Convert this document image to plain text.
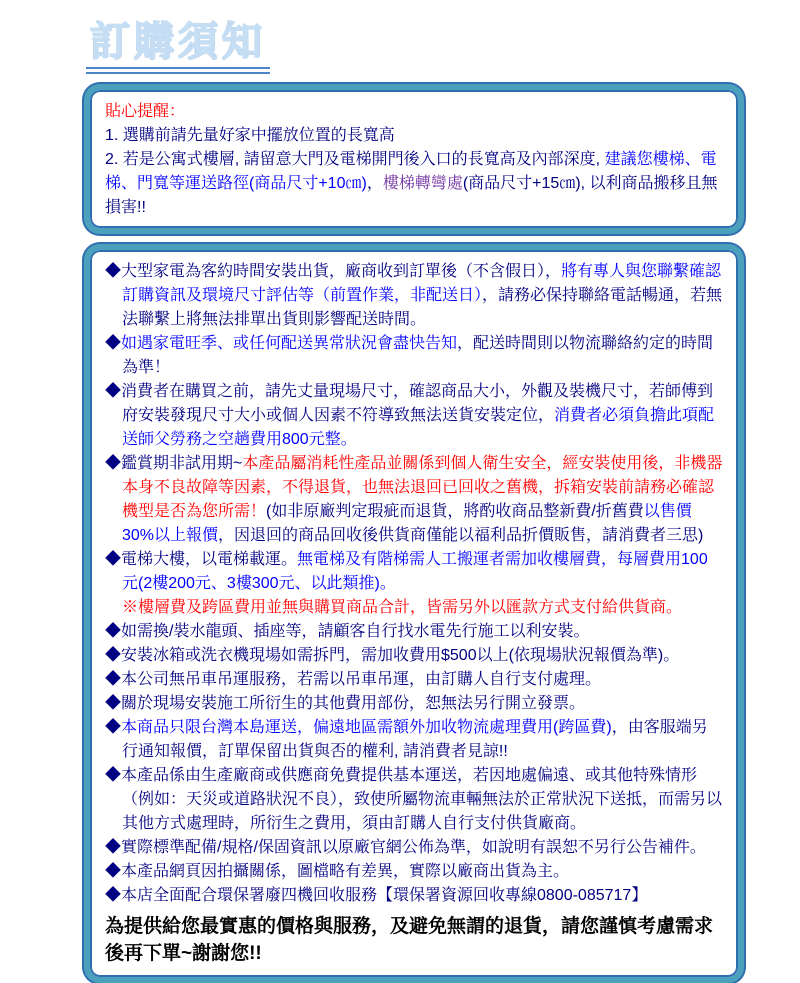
訂購須知

貼心提醒：

1. 選購前請先量好家中擺放位置的長寬高

2. 若是公寓式樓層, 請留意大門及電梯開門後入口的長寬高及內部深度, 建議您樓梯、電梯、門寬等運送路徑(商品尺寸+10㎝)，樓梯轉彎處(商品尺寸+15㎝), 以利商品搬移且無損害!!

◆大型家電為客約時間安裝出貨，廠商收到訂單後（不含假日），將有專人與您聯繫確認訂購資訊及環境尺寸評估等（前置作業，非配送日），請務必保持聯絡電話暢通，若無法聯繫上將無法排單出貨則影響配送時間。

◆如遇家電旺季、或任何配送異常狀況會盡快告知，配送時間則以物流聯絡約定的時間為準！

◆消費者在購買之前，請先丈量現場尺寸，確認商品大小，外觀及裝機尺寸，若師傅到府安裝發現尺寸大小或個人因素不符導致無法送貨安裝定位，消費者必須負擔此項配送師父勞務之空趟費用800元整。

◆鑑賞期非試用期~本產品屬消耗性產品並關係到個人衛生安全，經安裝使用後，非機器本身不良故障等因素，不得退貨，也無法退回已回收之舊機，拆箱安裝前請務必確認機型是否為您所需！(如非原廠判定瑕疵而退貨，將酌收商品整新費/折舊費以售價30%以上報價，因退回的商品回收後供貨商僅能以福利品折價販售，請消費者三思)

◆電梯大樓，以電梯載運。無電梯及有階梯需人工搬運者需加收樓層費，每層費用100元(2樓200元、3樓300元、以此類推)。

※樓層費及跨區費用並無與購買商品合計，皆需另外以匯款方式支付給供貨商。

◆如需換/裝水龍頭、插座等，請顧客自行找水電先行施工以利安裝。

◆安裝冰箱或洗衣機現場如需拆門，需加收費用$500以上(依現場狀況報價為準)。

◆本公司無吊車吊運服務，若需以吊車吊運，由訂購人自行支付處理。

◆關於現場安裝施工所衍生的其他費用部份，恕無法另行開立發票。

◆本商品只限台灣本島運送，偏遠地區需額外加收物流處理費用(跨區費)，由客服端另行通知報價，訂單保留出貨與否的權利, 請消費者見諒!!

◆本產品係由生產廠商或供應商免費提供基本運送，若因地處偏遠、或其他特殊情形（例如：天災或道路狀況不良），致使所屬物流車輛無法於正常狀況下送抵，而需另以其他方式處理時，所衍生之費用，須由訂購人自行支付供貨廠商。

◆實際標準配備/規格/保固資訊以原廠官網公佈為準，如說明有誤恕不另行公告補件。

◆本產品網頁因拍攝關係，圖檔略有差異，實際以廠商出貨為主。

◆本店全面配合環保署廢四機回收服務【環保署資源回收專線0800-085717】

為提供給您最實惠的價格與服務，及避免無謂的退貨，請您謹慎考慮需求後再下單~謝謝您!!
